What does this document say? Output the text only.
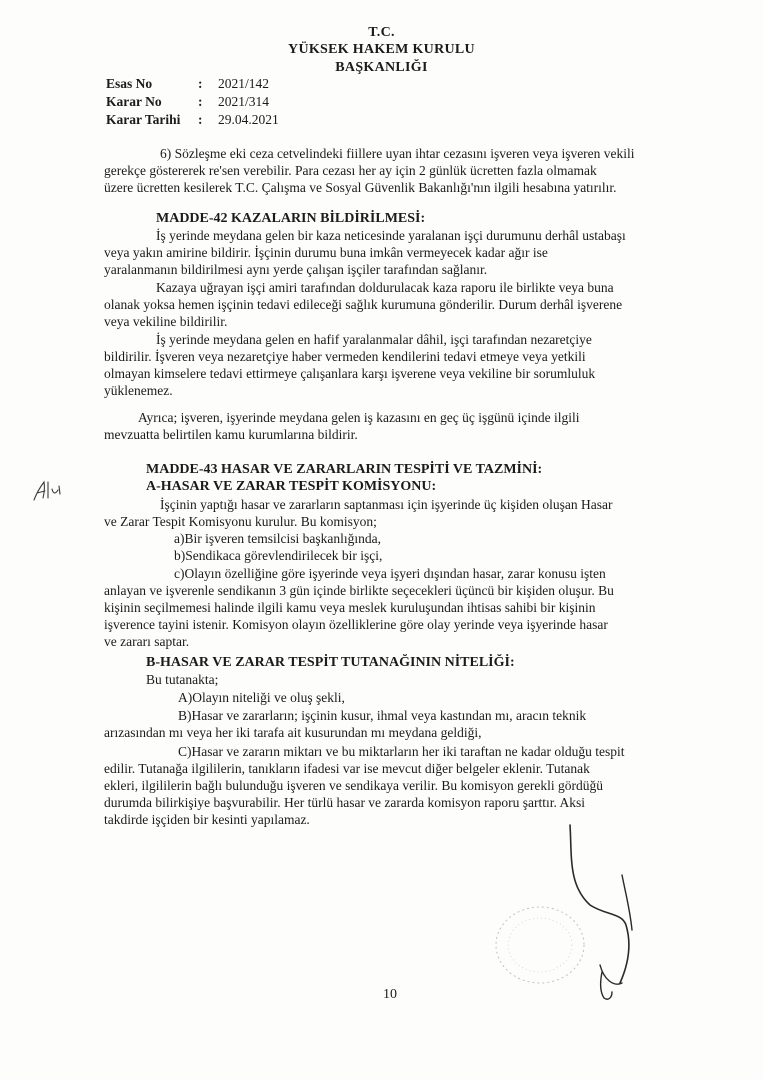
T.C.
YÜKSEK HAKEM KURULU
BAŞKANLIĞI
Esas No	: 2021/142
Karar No	: 2021/314
Karar Tarihi : 29.04.2021
6) Sözleşme eki ceza cetvelindeki fiillere uyan ihtar cezasını işveren veya işveren vekili
gerekçe göstererek re'sen verebilir. Para cezası her ay için 2 günlük ücretten fazla olmamak
üzere ücretten kesilerek T.C. Çalışma ve Sosyal Güvenlik Bakanlığı'nın ilgili hesabına yatırılır.
MADDE-42 KAZALARIN BİLDİRİLMESİ:
İş yerinde meydana gelen bir kaza neticesinde yaralanan işçi durumunu derhâl ustabaşı
veya yakın amirine bildirir. İşçinin durumu buna imkân vermeyecek kadar ağır ise
yaralanmanın bildirilmesi aynı yerde çalışan işçiler tarafından sağlanır.
Kazaya uğrayan işçi amiri tarafından doldurulacak kaza raporu ile birlikte veya buna
olanak yoksa hemen işçinin tedavi edileceği sağlık kurumuna gönderilir. Durum derhâl işverene
veya vekiline bildirilir.
İş yerinde meydana gelen en hafif yaralanmalar dâhil, işçi tarafından nezaretçiye
bildirilir. İşveren veya nezaretçiye haber vermeden kendilerini tedavi etmeye veya yetkili
olmayan kimselere tedavi ettirmeye çalışanlara karşı işverene veya vekiline bir sorumluluk
yüklenemez.
Ayrıca; işveren, işyerinde meydana gelen iş kazasını en geç üç işgünü içinde ilgili
mevzuatta belirtilen kamu kurumlarına bildirir.
MADDE-43 HASAR VE ZARARLARIN TESPİTİ VE TAZMİNİ:
A-HASAR VE ZARAR TESPİT KOMİSYONU:
İşçinin yaptığı hasar ve zararların saptanması için işyerinde üç kişiden oluşan Hasar
ve Zarar Tespit Komisyonu kurulur. Bu komisyon;
a)Bir işveren temsilcisi başkanlığında,
b)Sendikaca görevlendirilecek bir işçi,
c)Olayın özelliğine göre işyerinde veya işyeri dışından hasar, zarar konusu işten
anlayan ve işverenle sendikanın 3 gün içinde birlikte seçecekleri üçüncü bir kişiden oluşur. Bu
kişinin seçilmemesi halinde ilgili kamu veya meslek kuruluşundan ihtisas sahibi bir kişinin
işverence tayini istenir. Komisyon olayın özelliklerine göre olay yerinde veya işyerinde hasar
ve zararı saptar.
B-HASAR VE ZARAR TESPİT TUTANAĞININ NİTELİĞİ:
Bu tutanakta;
A)Olayın niteliği ve oluş şekli,
B)Hasar ve zararların; işçinin kusur, ihmal veya kastından mı, aracın teknik
arızasından mı veya her iki tarafa ait kusurundan mı meydana geldiği,
C)Hasar ve zararın miktarı ve bu miktarların her iki taraftan ne kadar olduğu tespit
edilir. Tutanağa ilgililerin, tanıkların ifadesi var ise mevcut diğer belgeler eklenir. Tutanak
ekleri, ilgililerin bağlı bulunduğu işveren ve sendikaya verilir. Bu komisyon gerekli gördüğü
durumda bilirkişiye başvurabilir. Her türlü hasar ve zararda komisyon raporu şarttır. Aksi
takdirde işçiden bir kesinti yapılamaz.
10
